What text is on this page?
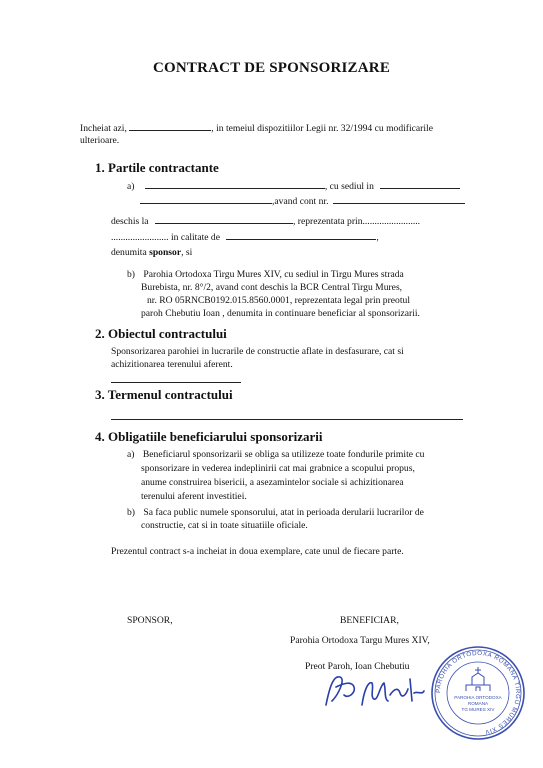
CONTRACT DE SPONSORIZARE
Incheiat azi,	, in temeiul dispozitiilor Legii nr. 32/1994 cu modificarile
ulterioare.
1. Partile contractante
a)	, cu sediul in
,avand cont nr.
deschis la	, reprezentata prin........................
........................ in calitate de	,
denumita sponsor, si
b) Parohia Ortodoxa Tirgu Mures XIV, cu sediul in Tirgu Mures strada
Burebista, nr. 8°/2, avand cont deschis la BCR Central Tirgu Mures,
nr. RO 05RNCB0192.015.8560.0001, reprezentata legal prin preotul
paroh Chebutiu Ioan , denumita in continuare beneficiar al sponsorizarii.
2. Obiectul contractului
Sponsorizarea parohiei in lucrarile de constructie aflate in desfasurare, cat si
achizitionarea terenului aferent.
3. Termenul contractului
4. Obligatiile beneficiarului sponsorizarii
a) Beneficiarul sponsorizarii se obliga sa utilizeze toate fondurile primite cu
sponsorizare in vederea indeplinirii cat mai grabnice a scopului propus,
anume construirea bisericii, a asezamintelor sociale si achizitionarea
terenului aferent investitiei.
b) Sa faca public numele sponsorului, atat in perioada derularii lucrarilor de
constructie, cat si in toate situatiile oficiale.
Prezentul contract s-a incheiat in doua exemplare, cate unul de fiecare parte.
SPONSOR,	BENEFICIAR,
Parohia Ortodoxa Targu Mures XIV,
Preot Paroh, Ioan Chebutiu
PAROHIA ORTODOXA ROMANA TIRGU MURES XIV
PAROHIA ORTODOXA
ROMANA
TG MURES XIV
